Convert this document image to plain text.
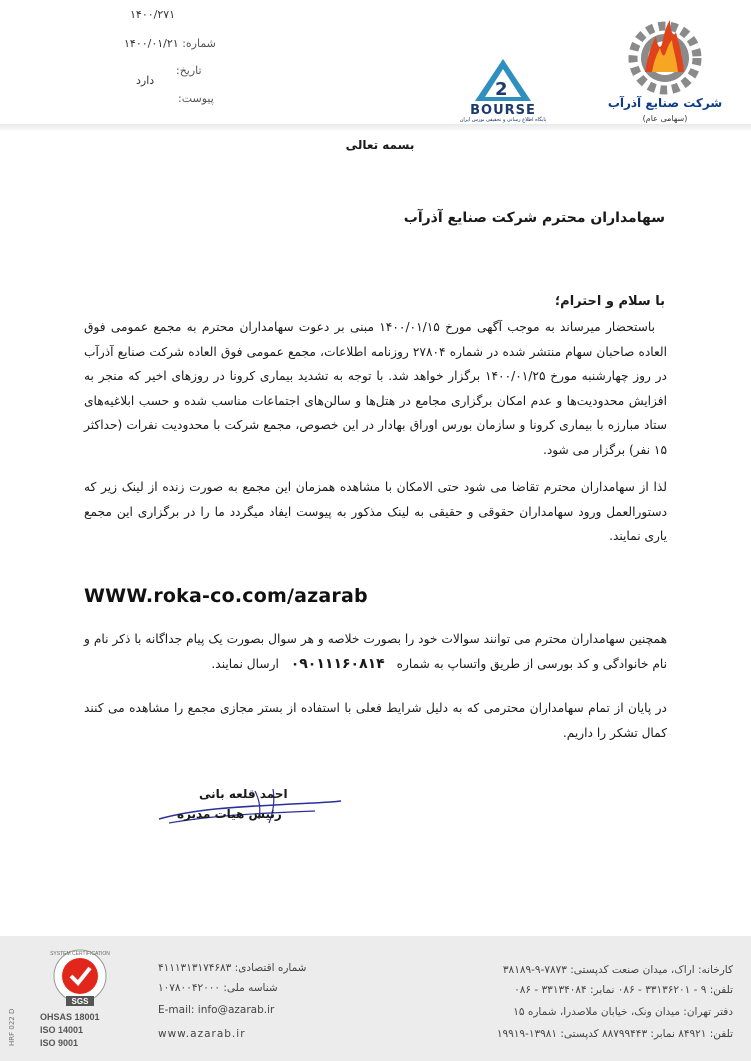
۱۴۰۰/۲۷۱
شماره: ۱۴۰۰/۰۱/۲۱
تاریخ:
دارد
پیوست:	شرکت صنایع آذرآب
(سهامی عام)
2
BOURSE
پایگاه اطلاع رسانی و تحقیقی بورس ایران
بسمه تعالی
سهامداران محترم شرکت صنایع آذرآب
با سلام و احترام؛

باستحضار میرساند به موجب آگهی مورخ ۱۴۰۰/۰۱/۱۵ مبنی بر دعوت سهامداران محترم به مجمع عمومی فوق العاده صاحبان سهام منتشر شده در شماره ۲۷۸۰۴ روزنامه اطلاعات، مجمع عمومی فوق العاده شرکت صنایع آذرآب در روز چهارشنبه مورخ ۱۴۰۰/۰۱/۲۵ برگزار خواهد شد. با توجه به تشدید بیماری کرونا در روزهای اخیر که منجر به افزایش محدودیت‌ها و عدم امکان برگزاری مجامع در هتل‌ها و سالن‌های اجتماعات مناسب شده و حسب ابلاغیه‌های ستاد مبارزه با بیماری کرونا و سازمان بورس اوراق بهادار در این خصوص، مجمع شرکت با محدودیت نفرات (حداکثر ۱۵ نفر) برگزار می شود.

لذا از سهامداران محترم تقاضا می شود حتی الامکان با مشاهده همزمان این مجمع به صورت زنده از لینک زیر که دستورالعمل ورود سهامداران حقوقی و حقیقی به لینک مذکور به پیوست ایفاد میگردد ما را در برگزاری این مجمع یاری نمایند.

WWW.roka-co.com/azarab

همچنین سهامداران محترم می توانند سوالات خود را بصورت خلاصه و هر سوال بصورت یک پیام جداگانه با ذکر نام و نام خانوادگی و کد بورسی از طریق واتساپ به شماره ۰۹۰۱۱۱۶۰۸۱۴ ارسال نمایند.

در پایان از تمام سهامداران محترمی که به دلیل شرایط فعلی با استفاده از بستر مجازی مجمع را مشاهده می کنند کمال تشکر را داریم.

احمد قلعه بانی
رئیس هیات مدیره
HRF 022 D
SGS
SYSTEM CERTIFICATION
OHSAS 18001
ISO 14001
ISO 9001
شماره اقتصادی: ۴۱۱۱۳۱۳۱۷۴۶۸۳
شناسه ملی: ۱۰۷۸۰۰۴۲۰۰۰
E-mail: info@azarab.ir
www.azarab.ir
کارخانه: اراک، میدان صنعت کدپستی: ۷۸۷۳-۹-۳۸۱۸۹
تلفن: ۹ - ۳۳۱۳۶۲۰۱ - ۰۸۶ نمابر: ۳۳۱۳۴۰۸۴ - ۰۸۶
دفتر تهران: میدان ونک، خیابان ملاصدرا، شماره ۱۵
تلفن: ۸۴۹۲۱ نمابر: ۸۸۷۹۹۴۴۳ کدپستی: ۱۳۹۸۱-۱۹۹۱۹
